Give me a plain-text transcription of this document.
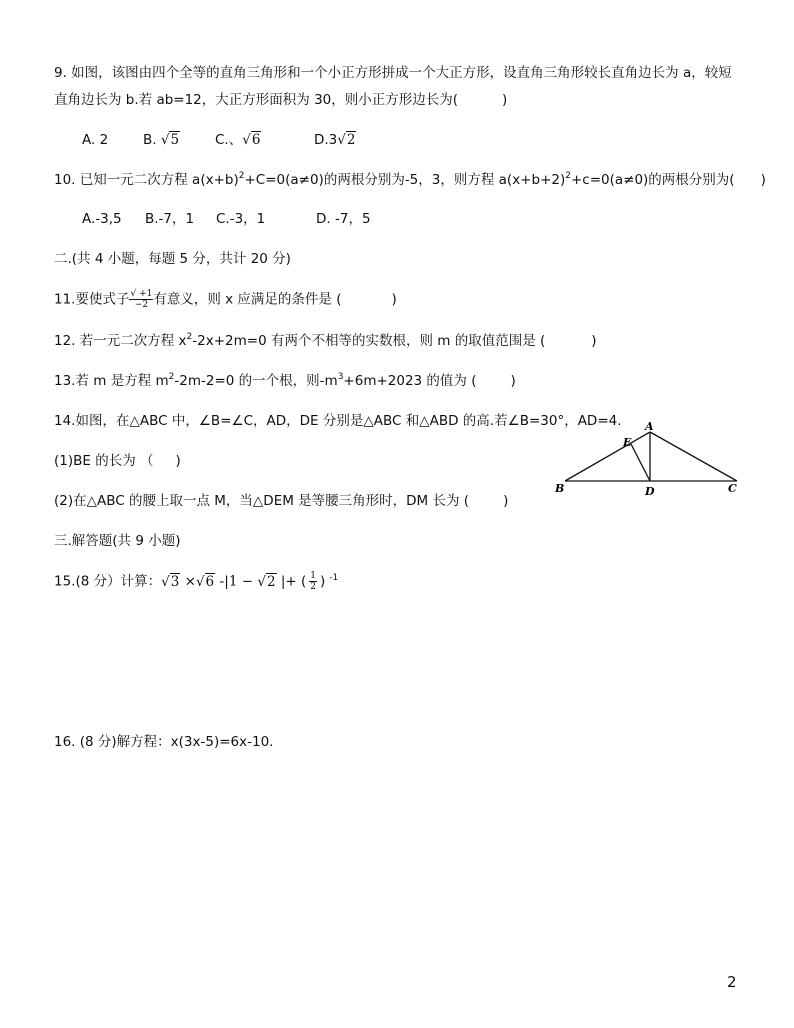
9. 如图，该图由四个全等的直角三角形和一个小正方形拼成一个大正方形，设直角三角形较长直角边长为 a，较短
直角边长为 b.若 ab=12，大正方形面积为 30，则小正方形边长为(	)
A. 2	B. √5	C.、√6	D.3√2
10. 已知一元二次方程 $a(x+b)^2+C=0(a\ne 0)$的两根分别为-5，3，则方程 $a(x+b+2)^2+c=0(a\ne 0)$的两根分别为( )
A.-3,5 B.-7，1 C.-3，1	D. -7，5
二.(共 4 小题，每题 5 分，共计 20 分)
11.要使式子 $\frac{√ +1}{-2}$ 有意义，则 x 应满足的条件是 (	)
12. 若一元二次方程 $x^2-2x+2m=0$ 有两个不相等的实数根，则 m 的取值范围是 (	)
13.若 m 是方程 $m^2-2m-2=0$ 的一个根，则$-m^3+6m+2023$ 的值为 (	)
14.如图，在△ABC 中，∠B=∠C，AD，DE 分别是△ABC 和△ABD 的高.若∠B=30°，AD=4.
(1)BE 的长为 （ )
(2)在△ABC 的腰上取一点 M，当△DEM 是等腰三角形时，DM 长为 (	)
A
B	C
D
E
三.解答题(共 9 小题)
15.(8 分）计算：√3 ×√6 -|1 − √2 |+ ( $\frac{1}{2}$ ) $^{-1}$
16. (8 分)解方程：x(3x-5)=6x-10.
2
